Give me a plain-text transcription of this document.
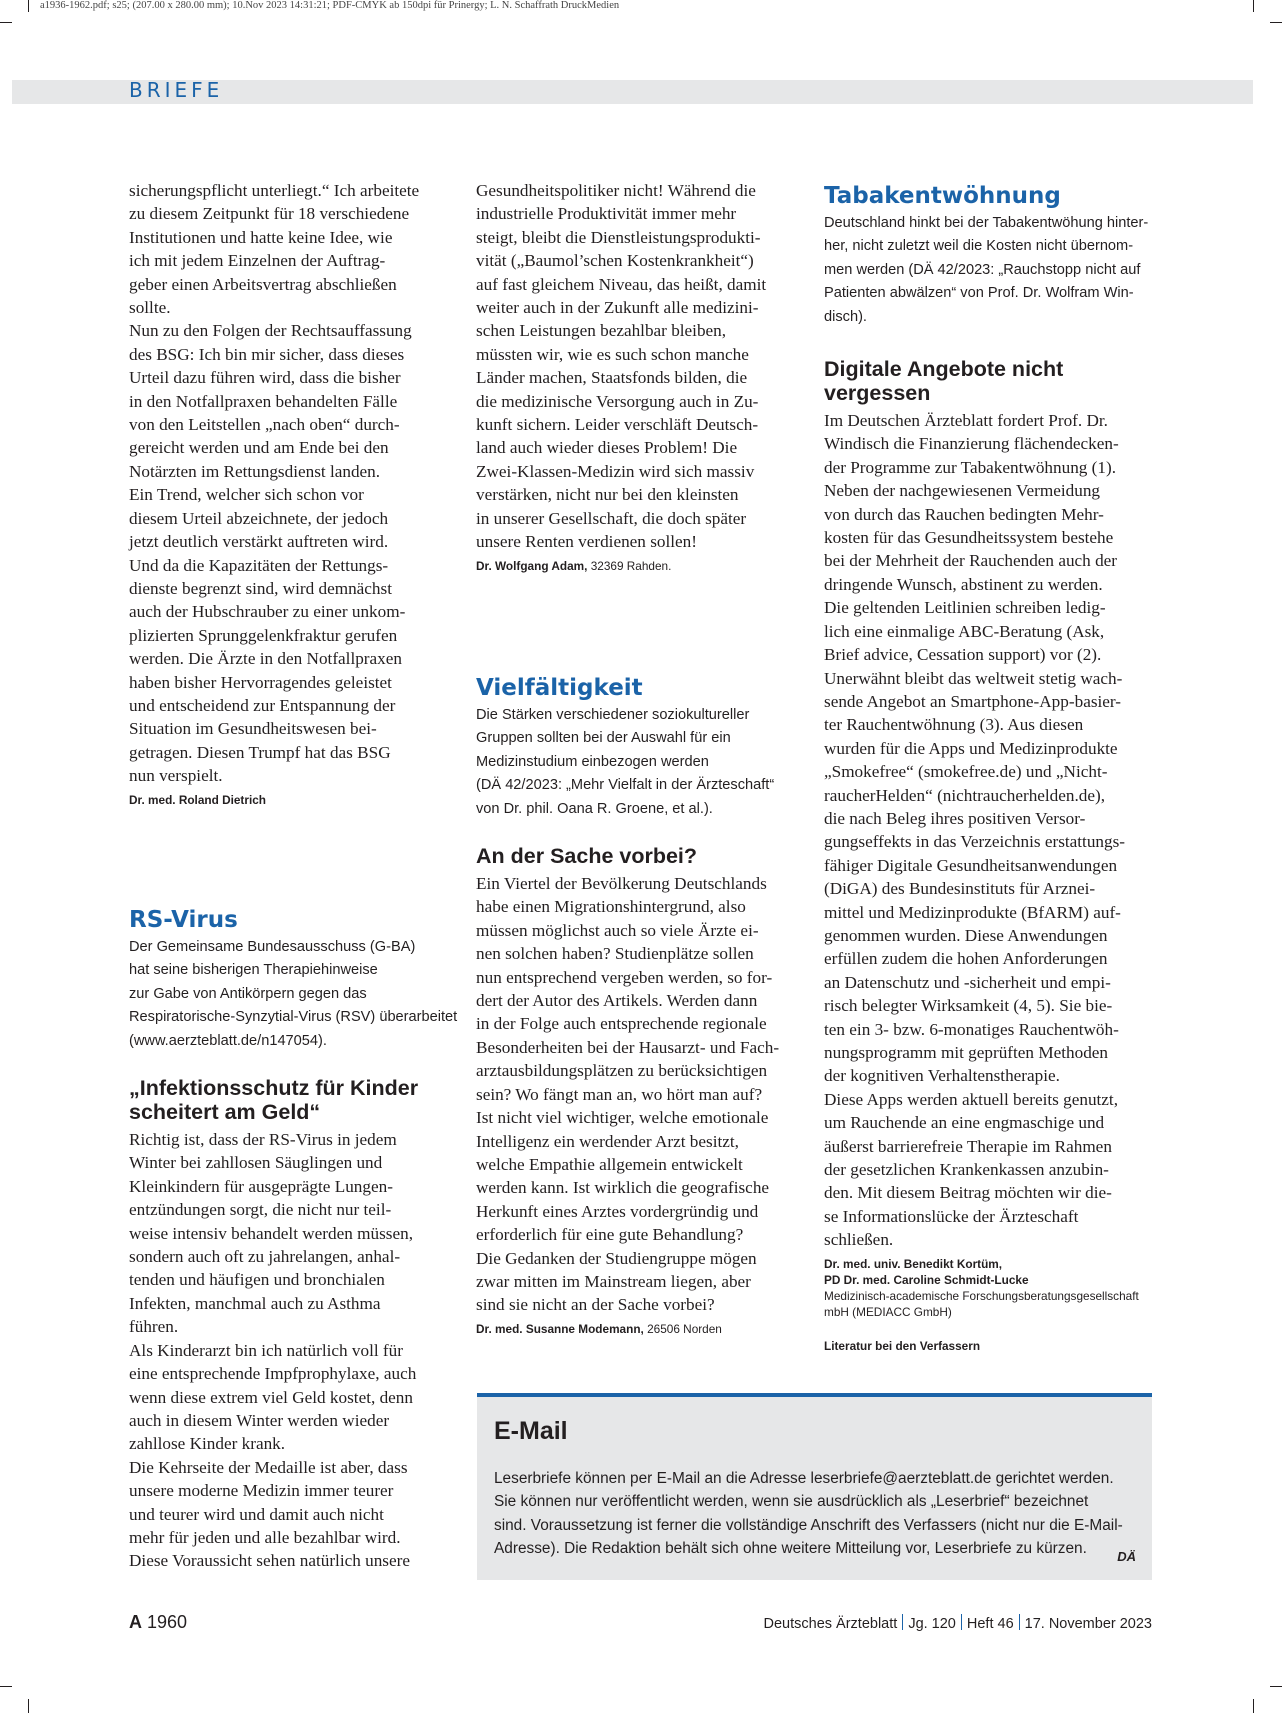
a1936-1962.pdf; s25; (207.00 x 280.00 mm); 10.Nov 2023 14:31:21; PDF-CMYK ab 150dpi für Prinergy; L. N. Schaffrath DruckMedien
BRIEFE

sicherungspflicht unterliegt.“ Ich arbeitete
zu diesem Zeitpunkt für 18 verschiedene
Institutionen und hatte keine Idee, wie
ich mit jedem Einzelnen der Auftrag-
geber einen Arbeitsvertrag abschließen
sollte.
Nun zu den Folgen der Rechtsauffassung
des BSG: Ich bin mir sicher, dass dieses
Urteil dazu führen wird, dass die bisher
in den Notfallpraxen behandelten Fälle
von den Leitstellen „nach oben“ durch-
gereicht werden und am Ende bei den
Notärzten im Rettungsdienst landen.
Ein Trend, welcher sich schon vor
diesem Urteil abzeichnete, der jedoch
jetzt deutlich verstärkt auftreten wird.
Und da die Kapazitäten der Rettungs-
dienste begrenzt sind, wird demnächst
auch der Hubschrauber zu einer unkom-
plizierten Sprunggelenkfraktur gerufen
werden. Die Ärzte in den Notfallpraxen
haben bisher Hervorragendes geleistet
und entscheidend zur Entspannung der
Situation im Gesundheitswesen bei-
getragen. Diesen Trumpf hat das BSG
nun verspielt.

Dr. med. Roland Dietrich

RS-Virus

Der Gemeinsame Bundesausschuss (G-BA)
hat seine bisherigen Therapiehinweise
zur Gabe von Antikörpern gegen das
Respiratorische-Synzytial-Virus (RSV) überarbeitet
(www.aerzteblatt.de/n147054).

„Infektionsschutz für Kinder
scheitert am Geld“

Richtig ist, dass der RS-Virus in jedem
Winter bei zahllosen Säuglingen und
Kleinkindern für ausgeprägte Lungen-
entzündungen sorgt, die nicht nur teil-
weise intensiv behandelt werden müssen,
sondern auch oft zu jahrelangen, anhal-
tenden und häufigen und bronchialen
Infekten, manchmal auch zu Asthma
führen.
Als Kinderarzt bin ich natürlich voll für
eine entsprechende Impfprophylaxe, auch
wenn diese extrem viel Geld kostet, denn
auch in diesem Winter werden wieder
zahllose Kinder krank.
Die Kehrseite der Medaille ist aber, dass
unsere moderne Medizin immer teurer
und teurer wird und damit auch nicht
mehr für jeden und alle bezahlbar wird.
Diese Voraussicht sehen natürlich unsere

Gesundheitspolitiker nicht! Während die
industrielle Produktivität immer mehr
steigt, bleibt die Dienstleistungsprodukti-
vität („Baumol’schen Kostenkrankheit“)
auf fast gleichem Niveau, das heißt, damit
weiter auch in der Zukunft alle medizini-
schen Leistungen bezahlbar bleiben,
müssten wir, wie es such schon manche
Länder machen, Staatsfonds bilden, die
die medizinische Versorgung auch in Zu-
kunft sichern. Leider verschläft Deutsch-
land auch wieder dieses Problem! Die
Zwei-Klassen-Medizin wird sich massiv
verstärken, nicht nur bei den kleinsten
in unserer Gesellschaft, die doch später
unsere Renten verdienen sollen!

Dr. Wolfgang Adam, 32369 Rahden.

Vielfältigkeit

Die Stärken verschiedener soziokultureller
Gruppen sollten bei der Auswahl für ein
Medizinstudium einbezogen werden
(DÄ 42/2023: „Mehr Vielfalt in der Ärzteschaft“
von Dr. phil. Oana R. Groene, et al.).

An der Sache vorbei?

Ein Viertel der Bevölkerung Deutschlands
habe einen Migrationshintergrund, also
müssen möglichst auch so viele Ärzte ei-
nen solchen haben? Studienplätze sollen
nun entsprechend vergeben werden, so for-
dert der Autor des Artikels. Werden dann
in der Folge auch entsprechende regionale
Besonderheiten bei der Hausarzt- und Fach-
arztausbildungsplätzen zu berücksichtigen
sein? Wo fängt man an, wo hört man auf?
Ist nicht viel wichtiger, welche emotionale
Intelligenz ein werdender Arzt besitzt,
welche Empathie allgemein entwickelt
werden kann. Ist wirklich die geografische
Herkunft eines Arztes vordergründig und
erforderlich für eine gute Behandlung?
Die Gedanken der Studiengruppe mögen
zwar mitten im Mainstream liegen, aber
sind sie nicht an der Sache vorbei?

Dr. med. Susanne Modemann, 26506 Norden

Tabakentwöhnung

Deutschland hinkt bei der Tabakentwöhung hinter-
her, nicht zuletzt weil die Kosten nicht übernom-
men werden (DÄ 42/2023: „Rauchstopp nicht auf
Patienten abwälzen“ von Prof. Dr. Wolfram Win-
disch).

Digitale Angebote nicht vergessen

Im Deutschen Ärzteblatt fordert Prof. Dr.
Windisch die Finanzierung flächendecken-
der Programme zur Tabakentwöhnung (1).
Neben der nachgewiesenen Vermeidung
von durch das Rauchen bedingten Mehr-
kosten für das Gesundheitssystem bestehe
bei der Mehrheit der Rauchenden auch der
dringende Wunsch, abstinent zu werden.
Die geltenden Leitlinien schreiben ledig-
lich eine einmalige ABC-Beratung (Ask,
Brief advice, Cessation support) vor (2).
Unerwähnt bleibt das weltweit stetig wach-
sende Angebot an Smartphone-App-basier-
ter Rauchentwöhnung (3). Aus diesen
wurden für die Apps und Medizinprodukte
„Smokefree“ (smokefree.de) und „Nicht-
raucherHelden“ (nichtraucherhelden.de),
die nach Beleg ihres positiven Versor-
gungseffekts in das Verzeichnis erstattungs-
fähiger Digitale Gesundheitsanwendungen
(DiGA) des Bundesinstituts für Arznei-
mittel und Medizinprodukte (BfARM) auf-
genommen wurden. Diese Anwendungen
erfüllen zudem die hohen Anforderungen
an Datenschutz und -sicherheit und empi-
risch belegter Wirksamkeit (4, 5). Sie bie-
ten ein 3- bzw. 6-monatiges Rauchentwöh-
nungsprogramm mit geprüften Methoden
der kognitiven Verhaltenstherapie.
Diese Apps werden aktuell bereits genutzt,
um Rauchende an eine engmaschige und
äußerst barrierefreie Therapie im Rahmen
der gesetzlichen Krankenkassen anzubin-
den. Mit diesem Beitrag möchten wir die-
se Informationslücke der Ärzteschaft
schließen.

Dr. med. univ. Benedikt Kortüm,
PD Dr. med. Caroline Schmidt-Lucke
Medizinisch-academische Forschungsberatungsgesellschaft
mbH (MEDIACC GmbH)

Literatur bei den Verfassern

E-Mail

Leserbriefe können per E-Mail an die Adresse leserbriefe@aerzteblatt.de gerichtet werden.
Sie können nur veröffentlicht werden, wenn sie ausdrücklich als „Leserbrief“ bezeichnet
sind. Voraussetzung ist ferner die vollständige Anschrift des Verfassers (nicht nur die E-Mail-
Adresse). Die Redaktion behält sich ohne weitere Mitteilung vor, Leserbriefe zu kürzen.	DÄ
A 1960	Deutsches Ärzteblatt Jg. 120 Heft 46 17. November 2023
